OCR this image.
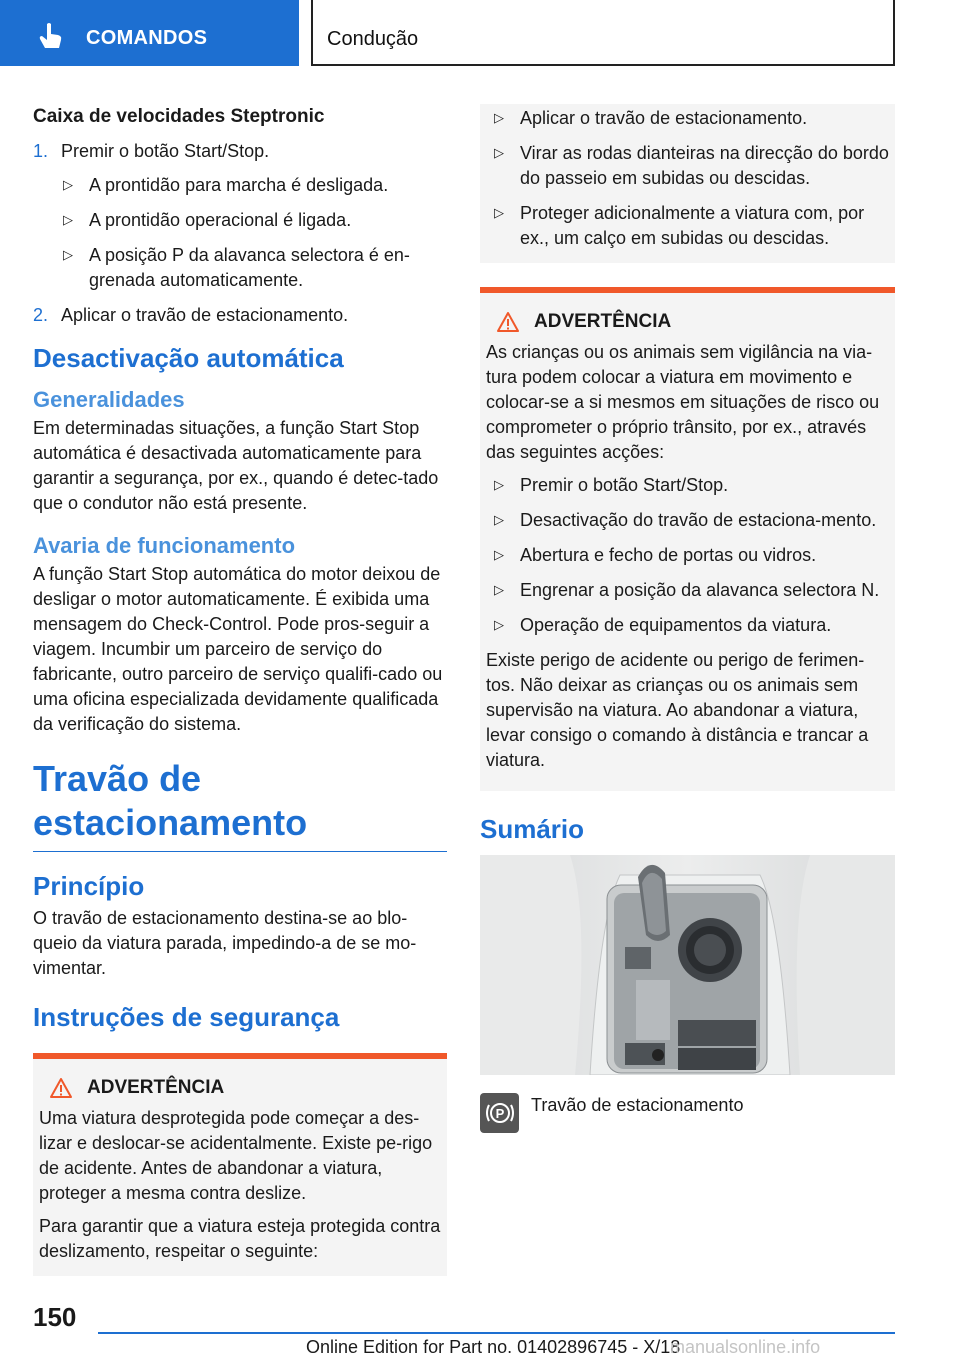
COMANDOS	Condução
Caixa de velocidades Steptronic
1. Premir o botão Start/Stop.
▷ A prontidão para marcha é desligada.
▷ A prontidão operacional é ligada.
▷ A posição P da alavanca selectora é en-grenada automaticamente.
2. Aplicar o travão de estacionamento.
Desactivação automática
Generalidades

Em determinadas situações, a função Start Stop automática é desactivada automaticamente para garantir a segurança, por ex., quando é detec-tado que o condutor não está presente.

Avaria de funcionamento

A função Start Stop automática do motor deixou de desligar o motor automaticamente. É exibida uma mensagem do Check-Control. Pode pros-seguir a viagem. Incumbir um parceiro de serviço do fabricante, outro parceiro de serviço qualifi-cado ou uma oficina especializada devidamente qualificada da verificação do sistema.

Travão de estacionamento
Princípio

O travão de estacionamento destina-se ao blo-queio da viatura parada, impedindo-a de se mo-vimentar.

Instruções de segurança
ADVERTÊNCIA

Uma viatura desprotegida pode começar a des-lizar e deslocar-se acidentalmente. Existe pe-rigo de acidente. Antes de abandonar a viatura, proteger a mesma contra deslize.

Para garantir que a viatura esteja protegida contra deslizamento, respeitar o seguinte:

▷ Aplicar o travão de estacionamento.
▷ Virar as rodas dianteiras na direcção do bordo do passeio em subidas ou descidas.
▷ Proteger adicionalmente a viatura com, por ex., um calço em subidas ou descidas.
ADVERTÊNCIA

As crianças ou os animais sem vigilância na via-tura podem colocar a viatura em movimento e colocar-se a si mesmos em situações de risco ou comprometer o próprio trânsito, por ex., através das seguintes acções:

▷ Premir o botão Start/Stop.
▷ Desactivação do travão de estaciona-mento.
▷ Abertura e fecho de portas ou vidros.
▷ Engrenar a posição da alavanca selectora N.
▷ Operação de equipamentos da viatura.

Existe perigo de acidente ou perigo de ferimen-tos. Não deixar as crianças ou os animais sem supervisão na viatura. Ao abandonar a viatura, levar consigo o comando à distância e trancar a viatura.

Sumário
P Travão de estacionamento
150
Online Edition for Part no. 01402896745 - X/18
manualsonline.info
